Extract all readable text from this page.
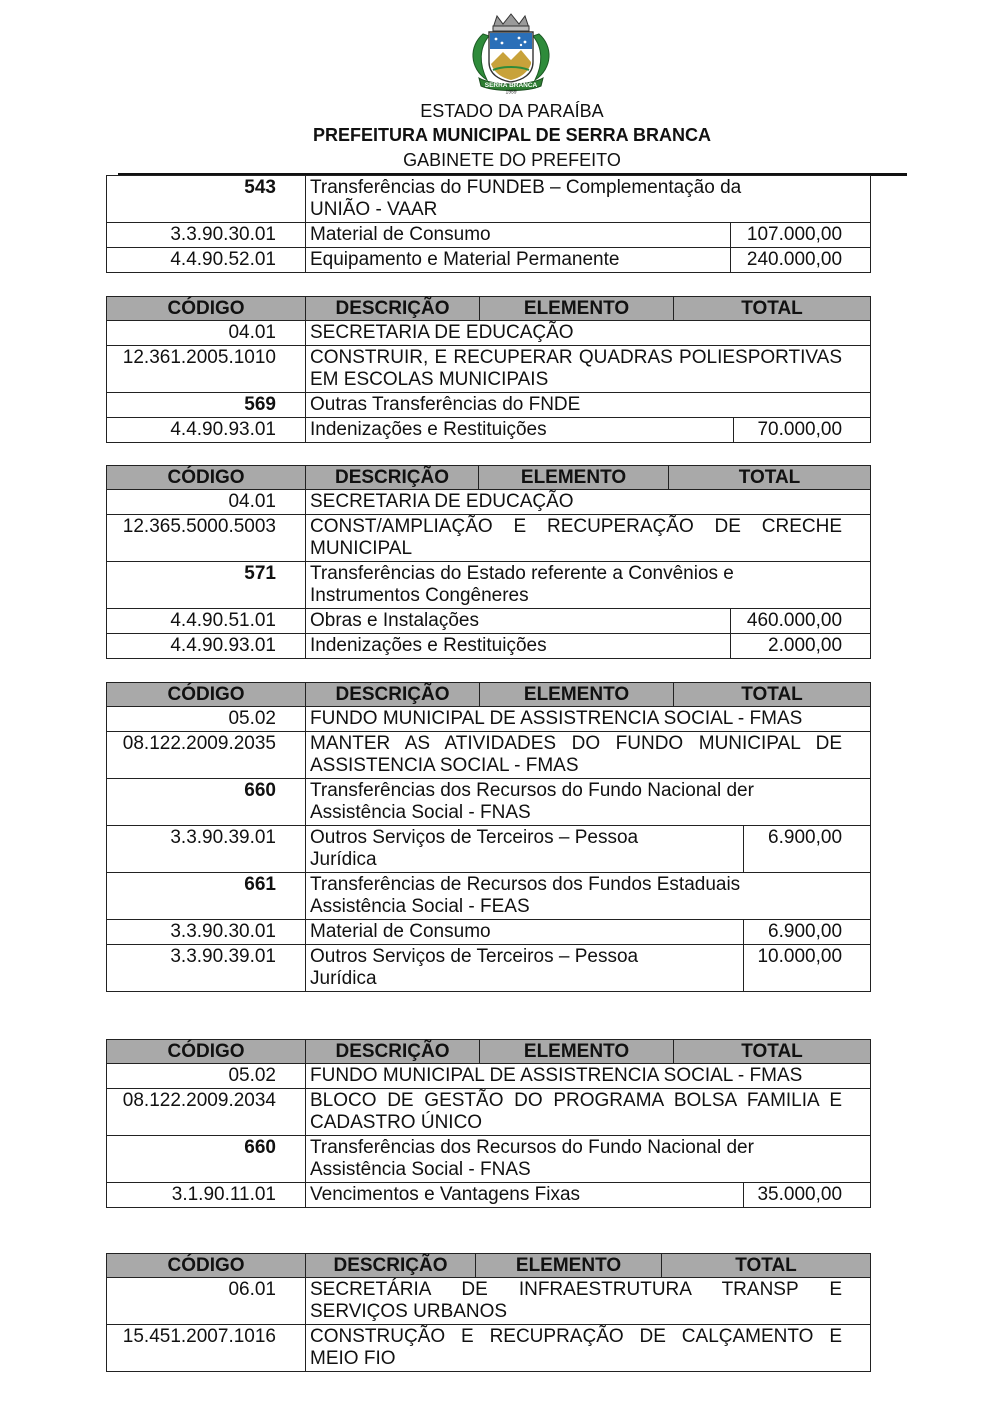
SERRA BRANCA
1959
ESTADO DA PARAÍBA
PREFEITURA MUNICIPAL DE SERRA BRANCA
GABINETE DO PREFEITO
543	Transferências do FUNDEB – Complementação da UNIÃO - VAAR	
3.3.90.30.01	Material de Consumo	107.000,00
4.4.90.52.01	Equipamento e Material Permanente	240.000,00
CÓDIGO	DESCRIÇÃO	ELEMENTO	TOTAL	
04.01	SECRETARIA DE EDUCAÇÃO			
12.361.2005.1010	CONSTRUIR, E RECUPERAR QUADRAS POLIESPORTIVAS EM ESCOLAS MUNICIPAIS			
569	Outras Transferências do FNDE			
4.4.90.93.01	Indenizações e Restituições			70.000,00
CÓDIGO	DESCRIÇÃO	ELEMENTO	TOTAL	
04.01	SECRETARIA DE EDUCAÇÃO			
12.365.5000.5003	CONST/AMPLIAÇÃO E RECUPERAÇÃO DE CRECHE MUNICIPAL			
571	Transferências do Estado referente a Convênios e Instrumentos Congêneres			
4.4.90.51.01	Obras e Instalações			460.000,00
4.4.90.93.01	Indenizações e Restituições			2.000,00
CÓDIGO	DESCRIÇÃO	ELEMENTO	TOTAL	
05.02	FUNDO MUNICIPAL DE ASSISTRENCIA SOCIAL - FMAS			
08.122.2009.2035	MANTER AS ATIVIDADES DO FUNDO MUNICIPAL DE ASSISTENCIA SOCIAL - FMAS			
660	Transferências dos Recursos do Fundo Nacional der Assistência Social - FNAS			
3.3.90.39.01	Outros Serviços de Terceiros – Pessoa Jurídica			6.900,00
661	Transferências de Recursos dos Fundos Estaduais Assistência Social - FEAS			
3.3.90.30.01	Material de Consumo			6.900,00
3.3.90.39.01	Outros Serviços de Terceiros – Pessoa Jurídica			10.000,00
CÓDIGO	DESCRIÇÃO	ELEMENTO	TOTAL	
05.02	FUNDO MUNICIPAL DE ASSISTRENCIA SOCIAL - FMAS			
08.122.2009.2034	BLOCO DE GESTÃO DO PROGRAMA BOLSA FAMILIA E CADASTRO ÚNICO			
660	Transferências dos Recursos do Fundo Nacional der Assistência Social - FNAS			
3.1.90.11.01	Vencimentos e Vantagens Fixas			35.000,00
CÓDIGO	DESCRIÇÃO	ELEMENTO	TOTAL
06.01	SECRETÁRIA DE INFRAESTRUTURA TRANSP E SERVIÇOS URBANOS		
15.451.2007.1016	CONSTRUÇÃO E RECUPRAÇÃO DE CALÇAMENTO E MEIO FIO		
